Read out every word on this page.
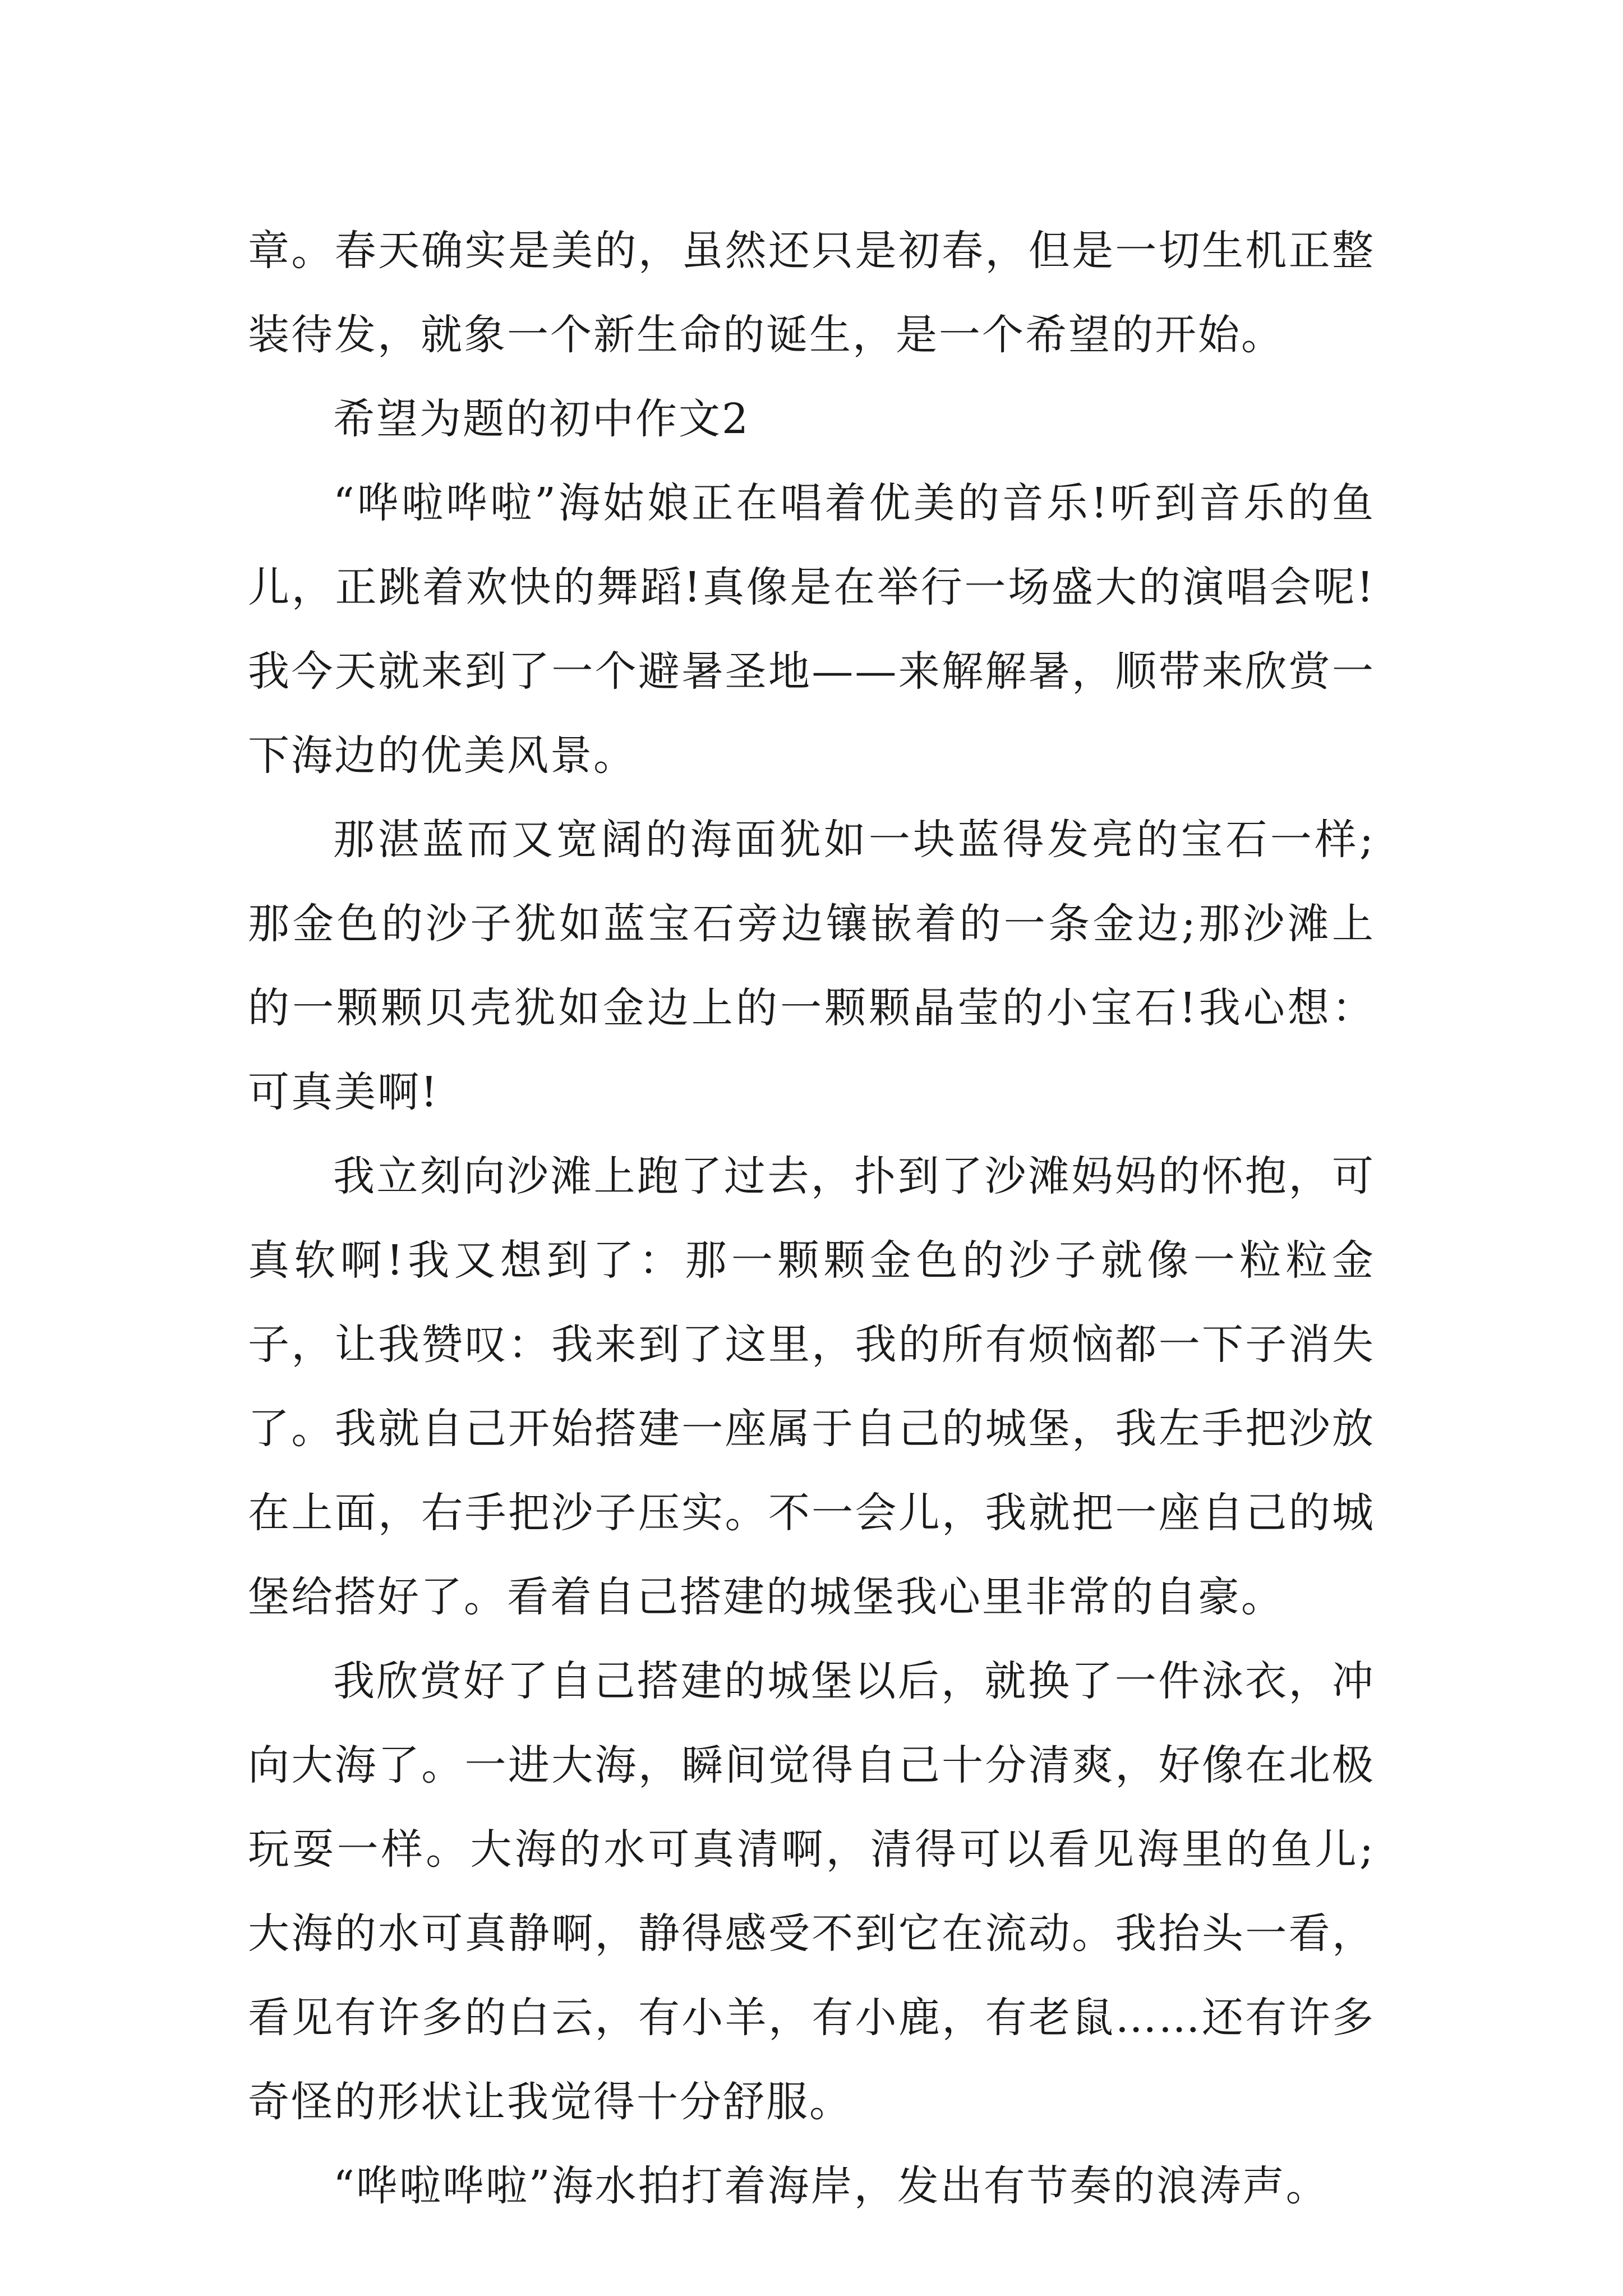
章。春天确实是美的，虽然还只是初春，但是一切生机正整装待发，就象一个新生命的诞生，是一个希望的开始。

希望为题的初中作文2

“哗啦哗啦”海姑娘正在唱着优美的音乐!听到音乐的鱼儿，正跳着欢快的舞蹈!真像是在举行一场盛大的演唱会呢!我今天就来到了一个避暑圣地——来解解暑，顺带来欣赏一下海边的优美风景。

那湛蓝而又宽阔的海面犹如一块蓝得发亮的宝石一样;那金色的沙子犹如蓝宝石旁边镶嵌着的一条金边;那沙滩上的一颗颗贝壳犹如金边上的一颗颗晶莹的小宝石!我心想：可真美啊!

我立刻向沙滩上跑了过去，扑到了沙滩妈妈的怀抱，可真软啊!我又想到了：那一颗颗金色的沙子就像一粒粒金子，让我赞叹：我来到了这里，我的所有烦恼都一下子消失了。我就自己开始搭建一座属于自己的城堡，我左手把沙放在上面，右手把沙子压实。不一会儿，我就把一座自己的城堡给搭好了。看着自己搭建的城堡我心里非常的自豪。

我欣赏好了自己搭建的城堡以后，就换了一件泳衣，冲向大海了。一进大海，瞬间觉得自己十分清爽，好像在北极玩耍一样。大海的水可真清啊，清得可以看见海里的鱼儿;大海的水可真静啊，静得感受不到它在流动。我抬头一看，看见有许多的白云，有小羊，有小鹿，有老鼠……还有许多奇怪的形状让我觉得十分舒服。

“哗啦哗啦”海水拍打着海岸，发出有节奏的浪涛声。
